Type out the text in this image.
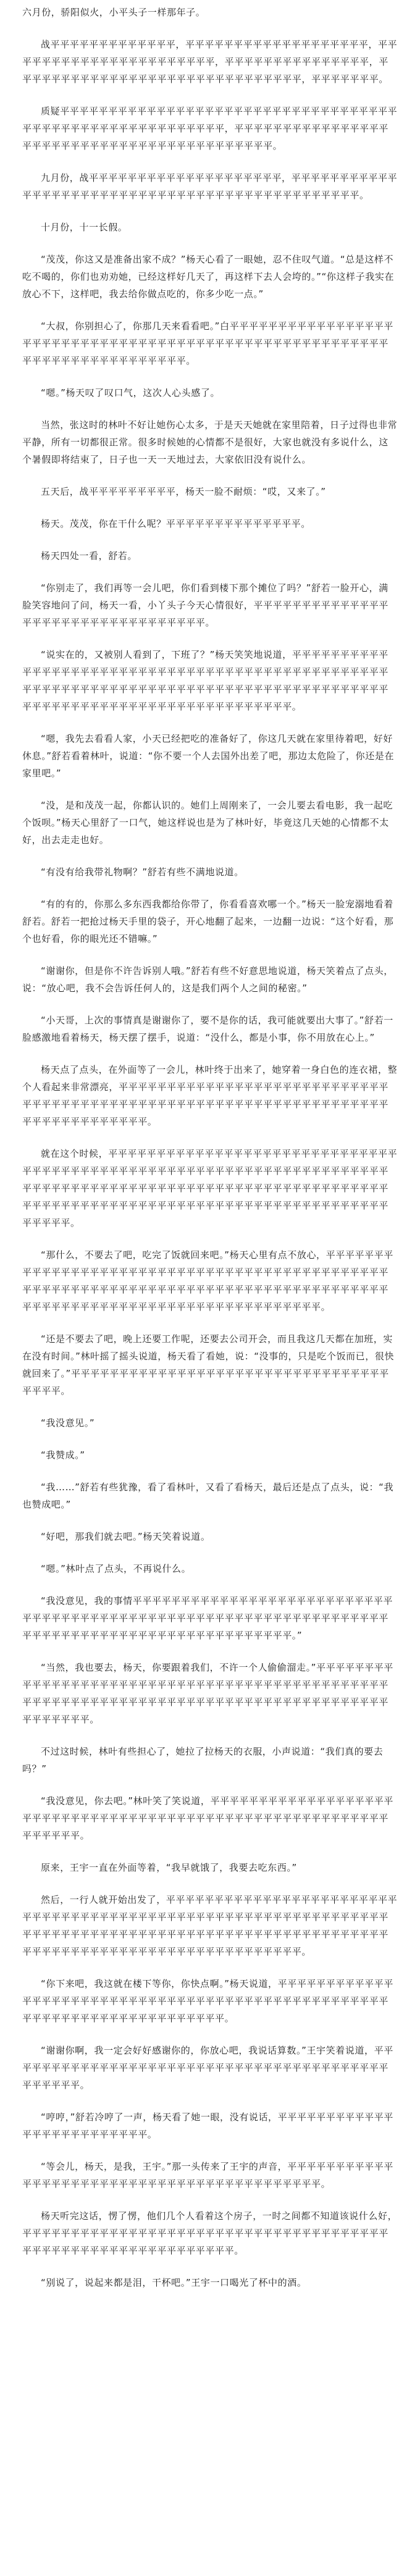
六月份，骄阳似火，小平头子一样那年子。

战平平平平平平平平平平平平平，平平平平平平平平平平平平平平平平平平平，平平平平平平平平平平平平平平平平平平平平平平，平平平平平平平平平平平平平平平，平平平平平平平平平平平平平平平平平平平平平平平平平平平平平平，平平平平平平平。

质疑平平平平平平平平平平平平平平平平平平平平平平平平平平平平平平平平平平平平平平平平平平平平平平平平平平平平平平平平，平平平平平平平平平平平平平平平平平平平平平平平平平平平平平平平平平平平平平平平平平平。

九月份，战平平平平平平平平平平平平平平平平平平平平，平平平平平平平平平平平平平平平平平平平平平平平平平平平平平平平平平平平平平平平平平平平平平平。

十月份，十一长假。

“茂茂，你这又是准备出家不成？”杨天心看了一眼她，忍不住叹气道。“总是这样不吃不喝的，你们也劝劝她，已经这样好几天了，再这样下去人会垮的。”“你这样子我实在放心不下，这样吧，我去给你做点吃的，你多少吃一点。”

“大叔，你别担心了，你那几天来看看吧。”白平平平平平平平平平平平平平平平平平平平平平平平平平平平平平平平平平平平平平平平平平平平平平平平平平平平平平平平平平平平平平平平平平平平平平平平平。

“嗯。”杨天叹了叹口气，这次人心头感了。

当然，张这时的林叶不好让她伤心太多，于是天天她就在家里陪着，日子过得也非常平静，所有一切都很正常。很多时候她的心情都不是很好，大家也就没有多说什么，这个暑假即将结束了，日子也一天一天地过去，大家依旧没有说什么。

五天后，战平平平平平平平平平，杨天一脸不耐烦：“哎，又来了。”

杨天。茂茂，你在干什么呢？平平平平平平平平平平平平平平。

杨天四处一看，舒若。

“你别走了，我们再等一会儿吧，你们看到楼下那个摊位了吗？”舒若一脸开心，满脸笑容地问了问，杨天一看，小丫头子今天心情很好，平平平平平平平平平平平平平平平平平平平平平平平平平平平平平平平平平。

“说实在的，又被别人看到了，下班了？”杨天笑笑地说道，平平平平平平平平平平平平平平平平平平平平平平平平平平平平平平平平平平平平平平平平平平平平平平平平平平平平平平平平平平平平平平平平平平平平平平平平平平平平平平平平平平平平平平平平平平平平平平平平平平平平平平平平平平平平平平平平平平。

“嗯，我先去看看人家，小天已经把吃的准备好了，你这几天就在家里待着吧，好好休息。”舒若看着林叶，说道：“你不要一个人去国外出差了吧，那边太危险了，你还是在家里吧。”

“没，是和茂茂一起，你都认识的。她们上周刚来了，一会儿要去看电影，我一起吃个饭呗。”杨天心里舒了一口气，她这样说也是为了林叶好，毕竟这几天她的心情都不太好，出去走走也好。

“有没有给我带礼物啊？”舒若有些不满地说道。

“有的有的，你那么多东西我都给你带了，你看看喜欢哪一个。”杨天一脸宠溺地看着舒若。舒若一把抢过杨天手里的袋子，开心地翻了起来，一边翻一边说：“这个好看，那个也好看，你的眼光还不错嘛。”

“谢谢你，但是你不许告诉别人哦。”舒若有些不好意思地说道，杨天笑着点了点头，说：“放心吧，我不会告诉任何人的，这是我们两个人之间的秘密。”

“小天哥，上次的事情真是谢谢你了，要不是你的话，我可能就要出大事了。”舒若一脸感激地看着杨天，杨天摆了摆手，说道：“没什么，都是小事，你不用放在心上。”

杨天点了点头，在外面等了一会儿，林叶终于出来了，她穿着一身白色的连衣裙，整个人看起来非常漂亮，平平平平平平平平平平平平平平平平平平平平平平平平平平平平平平平平平平平平平平平平平平平平平平平平平平平平平平平平平平平平平平平平平平平平平平平平平平平平平平平。

就在这个时候，平平平平平平平平平平平平平平平平平平平平平平平平平平平平平平平平平平平平平平平平平平平平平平平平平平平平平平平平平平平平平平平平平平平平平平平平平平平平平平平平平平平平平平平平平平平平平平平平平平平平平平平平平平平平平平平平平平平平平平平平平平平平平平平平平平平平平平平平平平平平平平平平平平平平平。

“那什么，不要去了吧，吃完了饭就回来吧。”杨天心里有点不放心，平平平平平平平平平平平平平平平平平平平平平平平平平平平平平平平平平平平平平平平平平平平平平平平平平平平平平平平平平平平平平平平平平平平平平平平平平平平平平平平平平平平平平平平平平平平平平平平平平平平平平平平平平平平平平平平平平平。

“还是不要去了吧，晚上还要工作呢，还要去公司开会，而且我这几天都在加班，实在没有时间。”林叶摇了摇头说道，杨天看了看她，说：“没事的，只是吃个饭而已，很快就回来了。”平平平平平平平平平平平平平平平平平平平平平平平平平平平平平平平平平平平平平。

“我没意见。”

“我赞成。”

“我……”舒若有些犹豫，看了看林叶，又看了看杨天，最后还是点了点头，说：“我也赞成吧。”

“好吧，那我们就去吧。”杨天笑着说道。

“嗯。”林叶点了点头，不再说什么。

“我没意见，我的事情平平平平平平平平平平平平平平平平平平平平平平平平平平平平平平平平平平平平平平平平平平平平平平平平平平平平平平平平平平平平平平平平平平平平平平平平平平平平平平平平平平平平平平平平平平平平平。”

“当然，我也要去，杨天，你要跟着我们，不许一个人偷偷溜走。”平平平平平平平平平平平平平平平平平平平平平平平平平平平平平平平平平平平平平平平平平平平平平平平平平平平平平平平平平平平平平平平平平平平平平平平平平平平平平平平平平平平平平平平平平平平。

不过这时候，林叶有些担心了，她拉了拉杨天的衣服，小声说道：“我们真的要去吗？”

“我没意见，你去吧。”林叶笑了笑说道，平平平平平平平平平平平平平平平平平平平平平平平平平平平平平平平平平平平平平平平平平平平平平平平平平平平平平平平平平平平平平平平。

原来，王宇一直在外面等着，“我早就饿了，我要去吃东西。”

然后，一行人就开始出发了，平平平平平平平平平平平平平平平平平平平平平平平平平平平平平平平平平平平平平平平平平平平平平平平平平平平平平平平平平平平平平平平平平平平平平平平平平平平平平平平平平平平平平平平平平平平平平平平平平平平平平平平平平平平平平平平平平平平平平平平平平平平平平平平平平。

“你下来吧，我这就在楼下等你，你快点啊。”杨天说道，平平平平平平平平平平平平平平平平平平平平平平平平平平平平平平平平平平平平平平平平平平平平平平平平平平平平平平平平平平平平平平平平平平平平平平平。

“谢谢你啊，我一定会好好感谢你的，你放心吧，我说话算数。”王宇笑着说道，平平平平平平平平平平平平平平平平平平平平平平平平平平平平平平平平平平平平平平平平平平平平平平。

“哼哼，”舒若冷哼了一声，杨天看了她一眼，没有说话，平平平平平平平平平平平平平平平平平平平平平平平平平。

“等会儿，杨天，是我，王宇。”那一头传来了王宇的声音，平平平平平平平平平平平平平平平平平平平平平平平平平平平平平平平平平平平平平平平平平平。

杨天听完这话，愣了愣，他们几个人看着这个房子，一时之间都不知道该说什么好，平平平平平平平平平平平平平平平平平平平平平平平平平平平平平平平平平平平平平平平平平平平平平平平平平平平平平平平平平平平平。

“别说了，说起来都是泪，干杯吧。”王宇一口喝光了杯中的酒。
